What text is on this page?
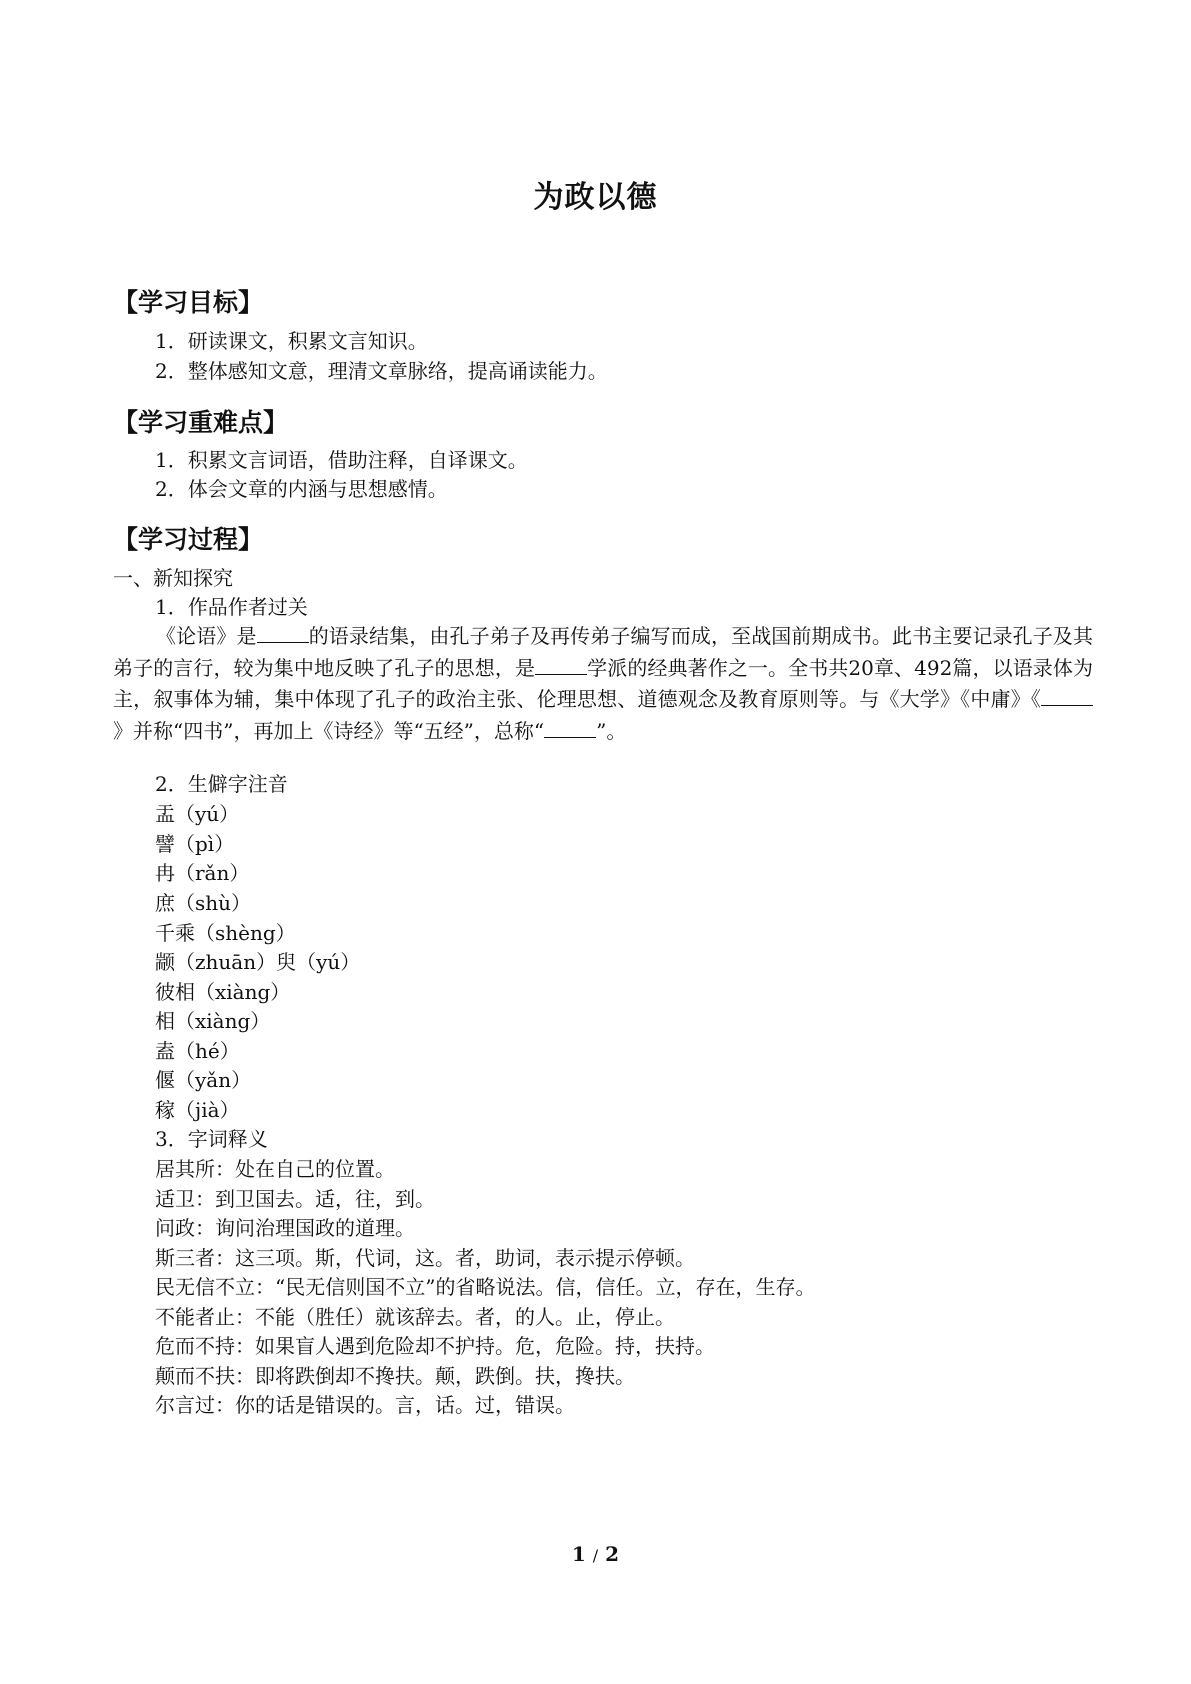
为政以德
【学习目标】
1．研读课文，积累文言知识。
2．整体感知文意，理清文章脉络，提高诵读能力。
【学习重难点】
1．积累文言词语，借助注释，自译课文。
2．体会文章的内涵与思想感情。
【学习过程】
一、新知探究
1．作品作者过关
《论语》是	的语录结集，由孔子弟子及再传弟子编写而成，至战国前期成书。此书主要记录孔子及其弟子的言行，较为集中地反映了孔子的思想，是	学派的经典著作之一。全书共20章、492篇，以语录体为主，叙事体为辅，集中体现了孔子的政治主张、伦理思想、道德观念及教育原则等。与《大学》《中庸》《》并称“四书”，再加上《诗经》等“五经”，总称“	”。
2．生僻字注音
盂（yú）
譬（pì）
冉（rǎn）
庶（shù）
千乘（shèng）
颛（zhuān）臾（yú）
彼相（xiàng）
相（xiàng）
盍（hé）
偃（yǎn）
稼（jià）
3．字词释义
居其所：处在自己的位置。
适卫：到卫国去。适，往，到。
问政：询问治理国政的道理。
斯三者：这三项。斯，代词，这。者，助词，表示提示停顿。
民无信不立：“民无信则国不立”的省略说法。信，信任。立，存在，生存。
不能者止：不能（胜任）就该辞去。者，的人。止，停止。
危而不持：如果盲人遇到危险却不护持。危，危险。持，扶持。
颠而不扶：即将跌倒却不搀扶。颠，跌倒。扶，搀扶。
尔言过：你的话是错误的。言，话。过，错误。
1 / 2
